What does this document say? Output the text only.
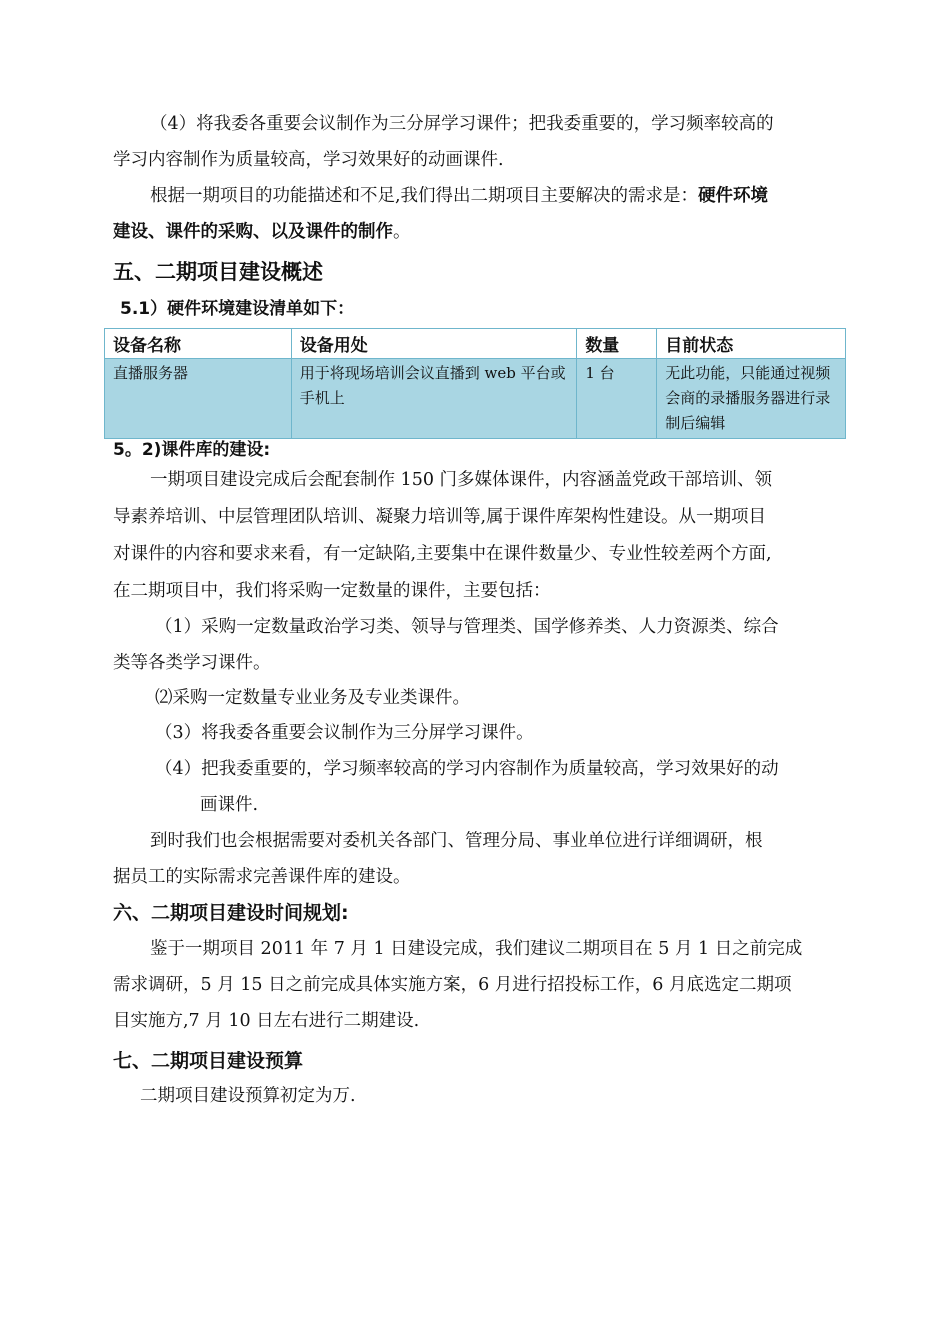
（4）将我委各重要会议制作为三分屏学习课件；把我委重要的，学习频率较高的
学习内容制作为质量较高，学习效果好的动画课件.
根据一期项目的功能描述和不足,我们得出二期项目主要解决的需求是：硬件环境
建设、课件的采购、以及课件的制作。
五、二期项目建设概述
5.1）硬件环境建设清单如下：
设备名称	设备用处	数量	目前状态
直播服务器	用于将现场培训会议直播到 web 平台或手机上	1 台	无此功能，只能通过视频会商的录播服务器进行录制后编辑
5。2)课件库的建设:
一期项目建设完成后会配套制作 150 门多媒体课件，内容涵盖党政干部培训、领
导素养培训、中层管理团队培训、凝聚力培训等,属于课件库架构性建设。从一期项目
对课件的内容和要求来看，有一定缺陷,主要集中在课件数量少、专业性较差两个方面,
在二期项目中，我们将采购一定数量的课件，主要包括：
（1）采购一定数量政治学习类、领导与管理类、国学修养类、人力资源类、综合
类等各类学习课件。
⑵采购一定数量专业业务及专业类课件。
（3）将我委各重要会议制作为三分屏学习课件。
（4）把我委重要的，学习频率较高的学习内容制作为质量较高，学习效果好的动
画课件.
到时我们也会根据需要对委机关各部门、管理分局、事业单位进行详细调研，根
据员工的实际需求完善课件库的建设。
六、二期项目建设时间规划:
鉴于一期项目 2011 年 7 月 1 日建设完成，我们建议二期项目在 5 月 1 日之前完成
需求调研，5 月 15 日之前完成具体实施方案，6 月进行招投标工作，6 月底选定二期项
目实施方,7 月 10 日左右进行二期建设.
七、二期项目建设预算
二期项目建设预算初定为万.
